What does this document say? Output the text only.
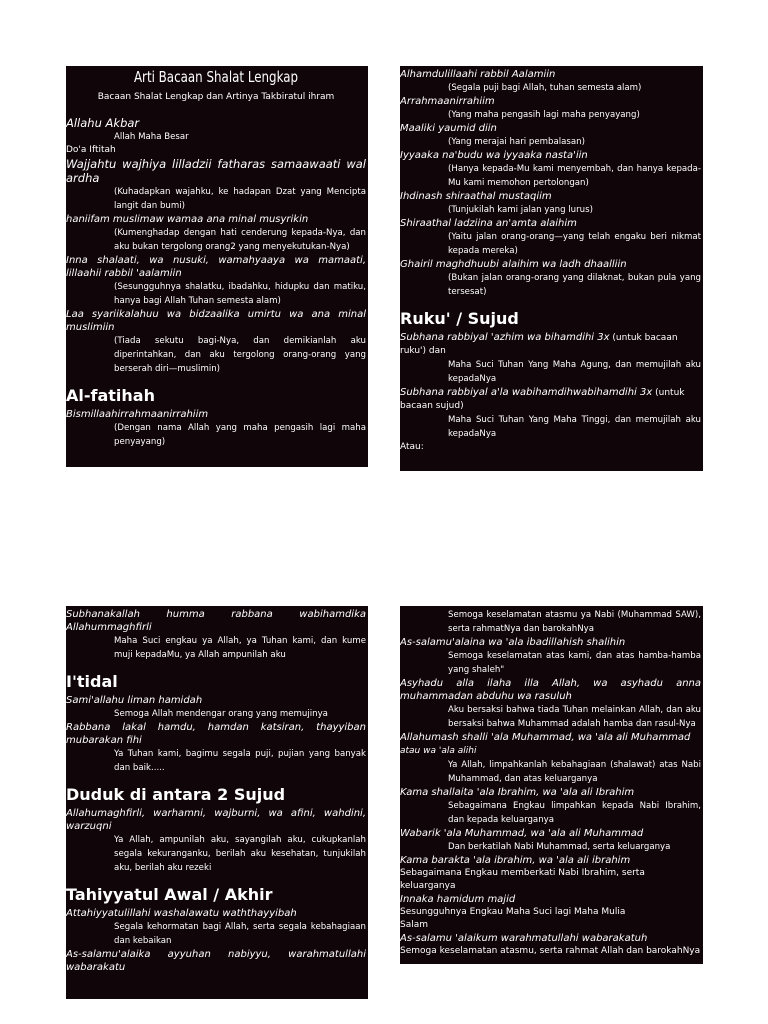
Arti Bacaan Shalat Lengkap
Bacaan Shalat Lengkap dan Artinya Takbiratul ihram

Allahu Akbar

Allah Maha Besar

Do'a Iftitah

Wajjahtu wajhiya lilladzii fatharas samaawaati wal ardha

(Kuhadapkan wajahku, ke hadapan Dzat yang Mencipta langit dan bumi)

haniifam muslimaw wamaa ana minal musyrikin

(Kumenghadap dengan hati cenderung kepada-Nya, dan aku bukan tergolong orang2 yang menyekutukan-Nya)

Inna shalaati, wa nusuki, wamahyaaya wa mamaati, lillaahii rabbil 'aalamiin

(Sesungguhnya shalatku, ibadahku, hidupku dan matiku, hanya bagi Allah Tuhan semesta alam)

Laa syariikalahuu wa bidzaalika umirtu wa ana minal muslimiin

(Tiada sekutu bagi-Nya, dan demikianlah aku diperintahkan, dan aku tergolong orang-orang yang berserah diri—muslimin)

Al-fatihah

Bismillaahirrahmaanirrahiim

(Dengan nama Allah yang maha pengasih lagi maha penyayang)

Alhamdulillaahi rabbil Aalamiin

(Segala puji bagi Allah, tuhan semesta alam)

Arrahmaanirrahiim

(Yang maha pengasih lagi maha penyayang)

Maaliki yaumid diin

(Yang merajai hari pembalasan)

Iyyaaka na'budu wa iyyaaka nasta'iin

(Hanya kepada-Mu kami menyembah, dan hanya kepada-Mu kami memohon pertolongan)

Ihdinash shiraathal mustaqiim

(Tunjukilah kami jalan yang lurus)

Shiraathal ladziina an'amta alaihim

(Yaitu jalan orang-orang—yang telah engaku beri nikmat kepada mereka)

Ghairil maghdhuubi alaihim wa ladh dhaalliin

(Bukan jalan orang-orang yang dilaknat, bukan pula yang tersesat)

Ruku' / Sujud

Subhana rabbiyal 'azhim wa bihamdihi 3x (untuk bacaan ruku') dan

Maha Suci Tuhan Yang Maha Agung, dan memujilah aku kepadaNya

Subhana rabbiyal a'la wabihamdihwabihamdihi 3x (untuk bacaan sujud)

Maha Suci Tuhan Yang Maha Tinggi, dan memujilah aku kepadaNya

Atau:

Subhanakallah humma rabbana wabihamdika Allahummaghfirli

Maha Suci engkau ya Allah, ya Tuhan kami, dan kume muji kepadaMu, ya Allah ampunilah aku

I'tidal

Sami'allahu liman hamidah

Semoga Allah mendengar orang yang memujinya

Rabbana lakal hamdu, hamdan katsiran, thayyiban mubarakan fihi

Ya Tuhan kami, bagimu segala puji, pujian yang banyak dan baik.....

Duduk di antara 2 Sujud

Allahumaghfirli, warhamni, wajburni, wa afini, wahdini, warzuqni

Ya Allah, ampunilah aku, sayangilah aku, cukupkanlah segala kekuranganku, berilah aku kesehatan, tunjukilah aku, berilah aku rezeki

Tahiyyatul Awal / Akhir

Attahiyyatulillahi washalawatu waththayyibah

Segala kehormatan bagi Allah, serta segala kebahagiaan dan kebaikan

As-salamu'alaika ayyuhan nabiyyu, warahmatullahi wabarakatu

Semoga keselamatan atasmu ya Nabi (Muhammad SAW), serta rahmatNya dan barokahNya

As-salamu'alaina wa 'ala ibadillahish shalihin

Semoga keselamatan atas kami, dan atas hamba-hamba yang shaleh"

Asyhadu alla ilaha illa Allah, wa asyhadu anna muhammadan abduhu wa rasuluh

Aku bersaksi bahwa tiada Tuhan melainkan Allah, dan aku bersaksi bahwa Muhammad adalah hamba dan rasul-Nya

Allahumash shalli 'ala Muhammad, wa 'ala ali Muhammad atau wa 'ala alihi

Ya Allah, limpahkanlah kebahagiaan (shalawat) atas Nabi Muhammad, dan atas keluarganya

Kama shallaita 'ala Ibrahim, wa 'ala ali Ibrahim

Sebagaimana Engkau limpahkan kepada Nabi Ibrahim, dan kepada keluarganya

Wabarik 'ala Muhammad, wa 'ala ali Muhammad

Dan berkatilah Nabi Muhammad, serta keluarganya

Kama barakta 'ala ibrahim, wa 'ala ali ibrahim

Sebagaimana Engkau memberkati Nabi Ibrahim, serta keluarganya

Innaka hamidum majid

Sesungguhnya Engkau Maha Suci lagi Maha Mulia

Salam

As-salamu 'alaikum warahmatullahi wabarakatuh

Semoga keselamatan atasmu, serta rahmat Allah dan barokahNya
